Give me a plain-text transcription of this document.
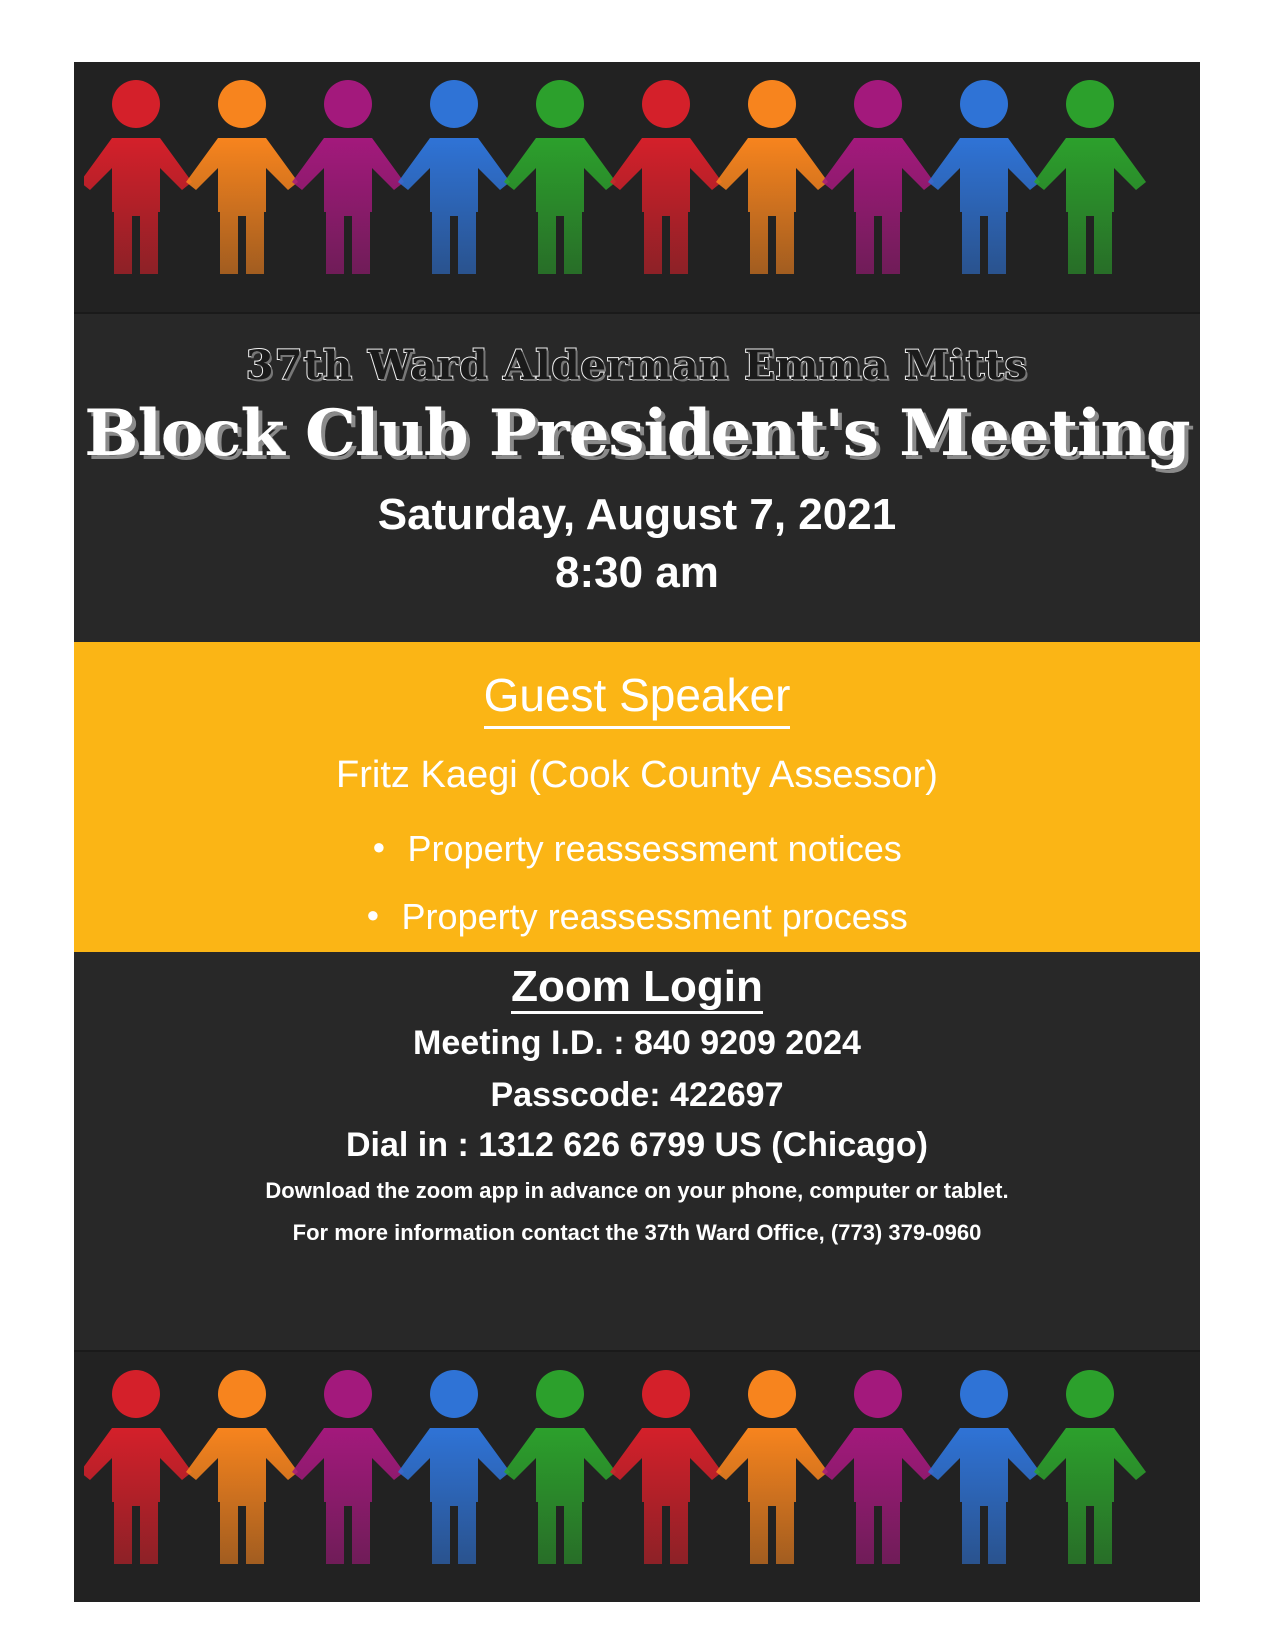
37th Ward Alderman Emma Mitts
Block Club President's Meeting
Saturday, August 7, 2021
8:30 am
Guest Speaker
Fritz Kaegi (Cook County Assessor)
● Property reassessment notices
● Property reassessment process
Zoom Login
Meeting I.D. : 840 9209 2024
Passcode: 422697
Dial in : 1312 626 6799 US (Chicago)
Download the zoom app in advance on your phone, computer or tablet.
For more information contact the 37th Ward Office, (773) 379-0960
